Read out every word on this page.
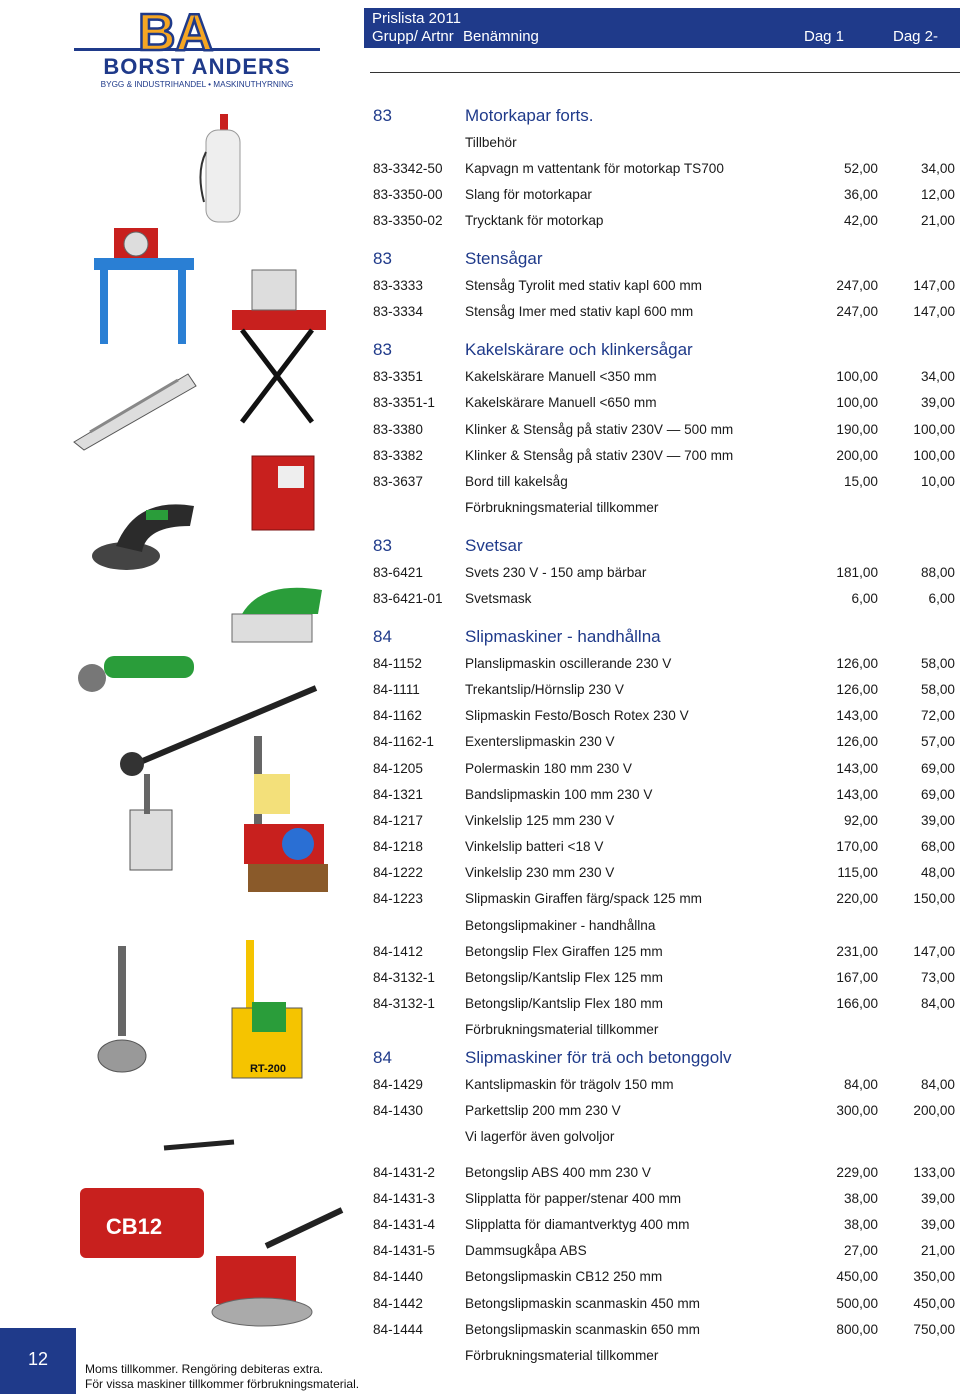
BA
BORST ANDERS
BYGG & INDUSTRIHANDEL • MASKINUTHYRNING
Prislista 2011
Grupp/ Artnr Benämning	Dag 1	Dag 2-
83	Motorkapar forts.
Tillbehör
83-3342-50 Kapvagn m vattentank för motorkap TS700	52,00	34,00
83-3350-00 Slang för motorkapar	36,00	12,00
83-3350-02 Trycktank för motorkap	42,00	21,00
83	Stensågar
83-3333	Stensåg Tyrolit med stativ kapl 600 mm	247,00	147,00
83-3334	Stensåg Imer med stativ kapl 600 mm	247,00	147,00
83	Kakelskärare och klinkersågar
83-3351	Kakelskärare Manuell <350 mm	100,00	34,00
83-3351-1 Kakelskärare Manuell <650 mm	100,00	39,00
83-3380	Klinker & Stensåg på stativ 230V — 500 mm	190,00	100,00
83-3382	Klinker & Stensåg på stativ 230V — 700 mm	200,00	100,00
83-3637	Bord till kakelsåg	15,00	10,00
Förbrukningsmaterial tillkommer
83	Svetsar
83-6421	Svets 230 V - 150 amp bärbar	181,00	88,00
83-6421-01 Svetsmask	6,00	6,00
84	Slipmaskiner - handhållna
84-1152	Planslipmaskin oscillerande 230 V	126,00	58,00
84-1111	Trekantslip/Hörnslip 230 V	126,00	58,00
84-1162	Slipmaskin Festo/Bosch Rotex 230 V	143,00	72,00
84-1162-1 Exenterslipmaskin 230 V	126,00	57,00
84-1205	Polermaskin 180 mm 230 V	143,00	69,00
84-1321	Bandslipmaskin 100 mm 230 V	143,00	69,00
84-1217	Vinkelslip 125 mm 230 V	92,00	39,00
84-1218	Vinkelslip batteri <18 V	170,00	68,00
84-1222	Vinkelslip 230 mm 230 V	115,00	48,00
84-1223	Slipmaskin Giraffen färg/spack 125 mm	220,00	150,00
Betongslipmakiner - handhållna
84-1412	Betongslip Flex Giraffen 125 mm	231,00	147,00
84-3132-1 Betongslip/Kantslip Flex 125 mm	167,00	73,00
84-3132-1 Betongslip/Kantslip Flex 180 mm	166,00	84,00
Förbrukningsmaterial tillkommer
84	Slipmaskiner för trä och betonggolv
84-1429	Kantslipmaskin för trägolv 150 mm	84,00	84,00
84-1430	Parkettslip 200 mm 230 V	300,00	200,00
Vi lagerför även golvoljor
84-1431-2 Betongslip ABS 400 mm 230 V	229,00	133,00
84-1431-3 Slipplatta för papper/stenar 400 mm	38,00	39,00
84-1431-4 Slipplatta för diamantverktyg 400 mm	38,00	39,00
84-1431-5 Dammsugkåpa ABS	27,00	21,00
84-1440	Betongslipmaskin CB12 250 mm	450,00	350,00
84-1442	Betongslipmaskin scanmaskin 450 mm	500,00	450,00
84-1444	Betongslipmaskin scanmaskin 650 mm	800,00	750,00
Förbrukningsmaterial tillkommer
RT-200
CB12
12	Moms tillkommer. Rengöring debiteras extra.
För vissa maskiner tillkommer förbrukningsmaterial.
